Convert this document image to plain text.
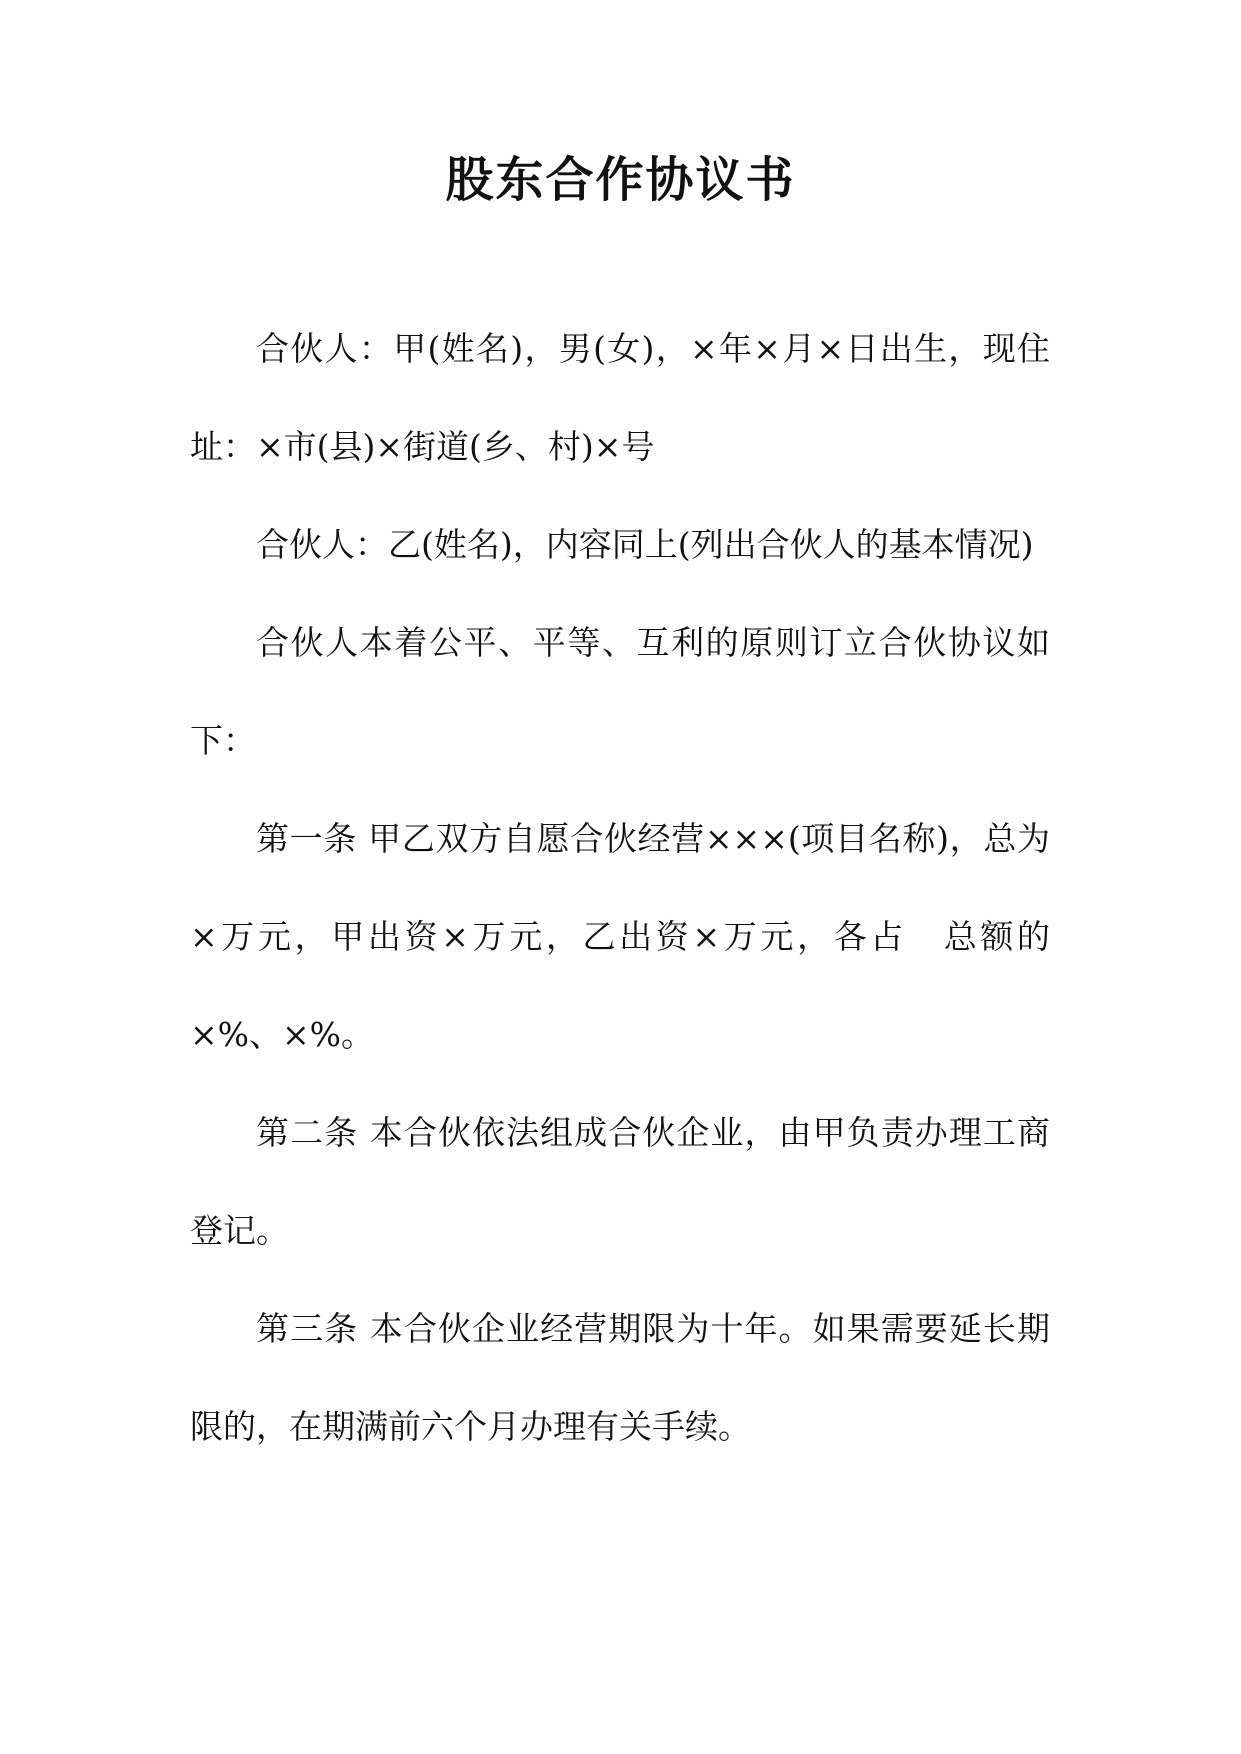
股东合作协议书

合伙人：甲(姓名)，男(女)，×年×月×日出生，现住址：×市(县)×街道(乡、村)×号

合伙人：乙(姓名)，内容同上(列出合伙人的基本情况)

合伙人本着公平、平等、互利的原则订立合伙协议如下：

第一条 甲乙双方自愿合伙经营×××(项目名称)，总为×万元，甲出资×万元，乙出资×万元，各占　总额的×%、×%。

第二条 本合伙依法组成合伙企业，由甲负责办理工商登记。

第三条 本合伙企业经营期限为十年。如果需要延长期限的，在期满前六个月办理有关手续。
